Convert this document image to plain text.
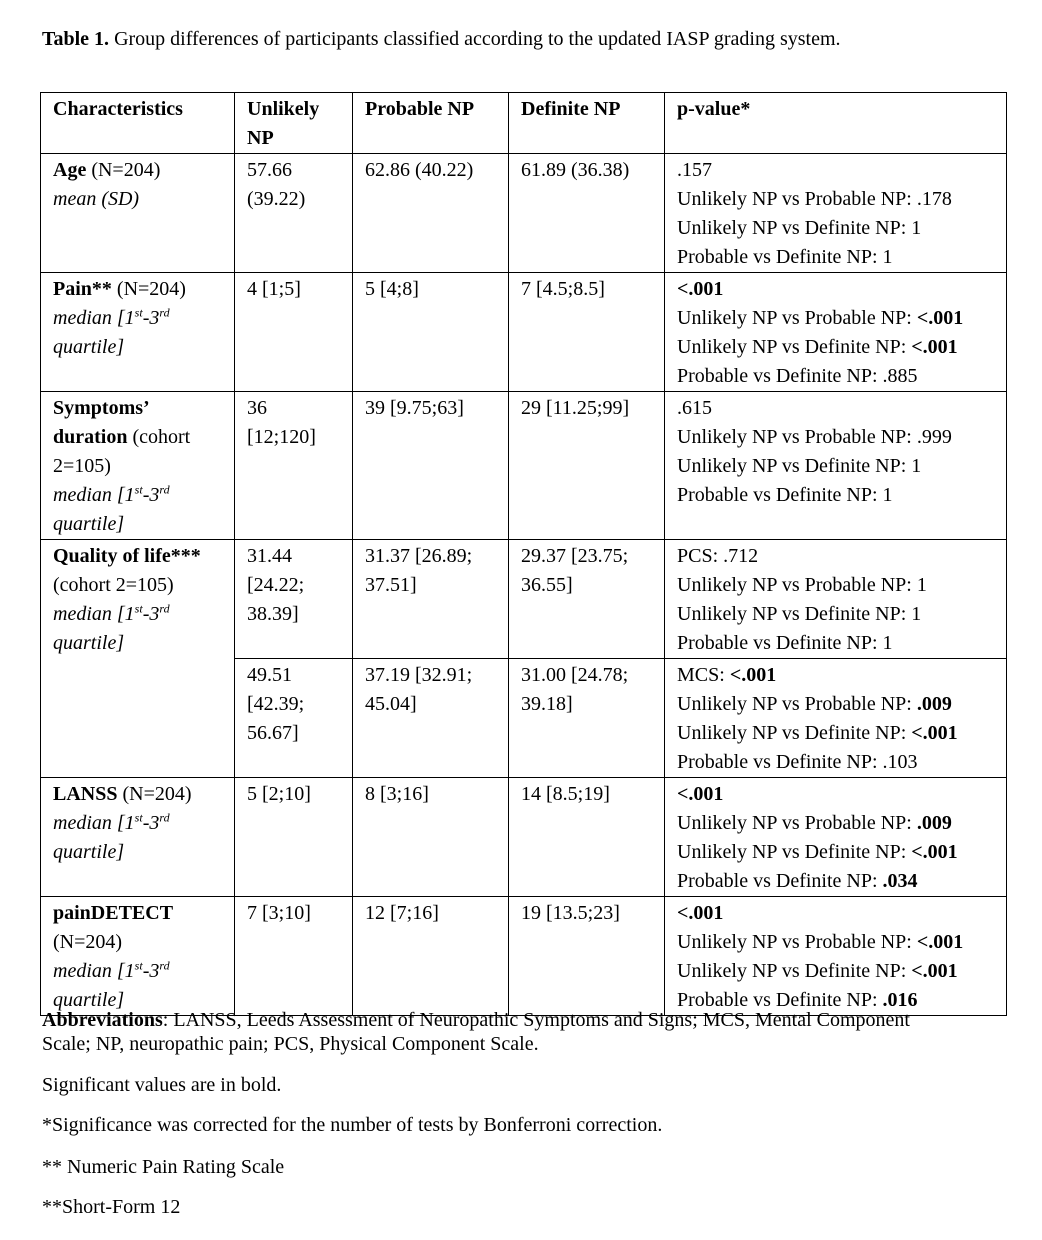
Table 1. Group differences of participants classified according to the updated IASP grading system.
Characteristics	Unlikely NP	Probable NP	Definite NP	p-value*

Age (N=204)
mean (SD)	57.66
(39.22)	62.86 (40.22)	61.89 (36.38)	.157
Unlikely NP vs Probable NP: .178
Unlikely NP vs Definite NP: 1
Probable vs Definite NP: 1

Pain** (N=204)
median [1st-3rd
quartile]	4 [1;5]	5 [4;8]	7 [4.5;8.5]	<.001
Unlikely NP vs Probable NP: <.001
Unlikely NP vs Definite NP: <.001
Probable vs Definite NP: .885

Symptoms’
duration (cohort
2=105)
median [1st-3rd
quartile]	36
[12;120]	39 [9.75;63]	29 [11.25;99]	.615
Unlikely NP vs Probable NP: .999
Unlikely NP vs Definite NP: 1
Probable vs Definite NP: 1

Quality of life***
(cohort 2=105)
median [1st-3rd
quartile]	31.44
[24.22;
38.39]	31.37 [26.89;
37.51]	29.37 [23.75;
36.55]	PCS: .712
Unlikely NP vs Probable NP: 1
Unlikely NP vs Definite NP: 1
Probable vs Definite NP: 1

	49.51
[42.39;
56.67]	37.19 [32.91;
45.04]	31.00 [24.78;
39.18]	MCS: <.001
Unlikely NP vs Probable NP: .009
Unlikely NP vs Definite NP: <.001
Probable vs Definite NP: .103

LANSS (N=204)
median [1st-3rd
quartile]	5 [2;10]	8 [3;16]	14 [8.5;19]	<.001
Unlikely NP vs Probable NP: .009
Unlikely NP vs Definite NP: <.001
Probable vs Definite NP: .034

painDETECT
(N=204)
median [1st-3rd
quartile]	7 [3;10]	12 [7;16]	19 [13.5;23]	<.001
Unlikely NP vs Probable NP: <.001
Unlikely NP vs Definite NP: <.001
Probable vs Definite NP: .016
Abbreviations: LANSS, Leeds Assessment of Neuropathic Symptoms and Signs; MCS, Mental Component
Scale; NP, neuropathic pain; PCS, Physical Component Scale.
Significant values are in bold.
*Significance was corrected for the number of tests by Bonferroni correction.
** Numeric Pain Rating Scale
**Short-Form 12
